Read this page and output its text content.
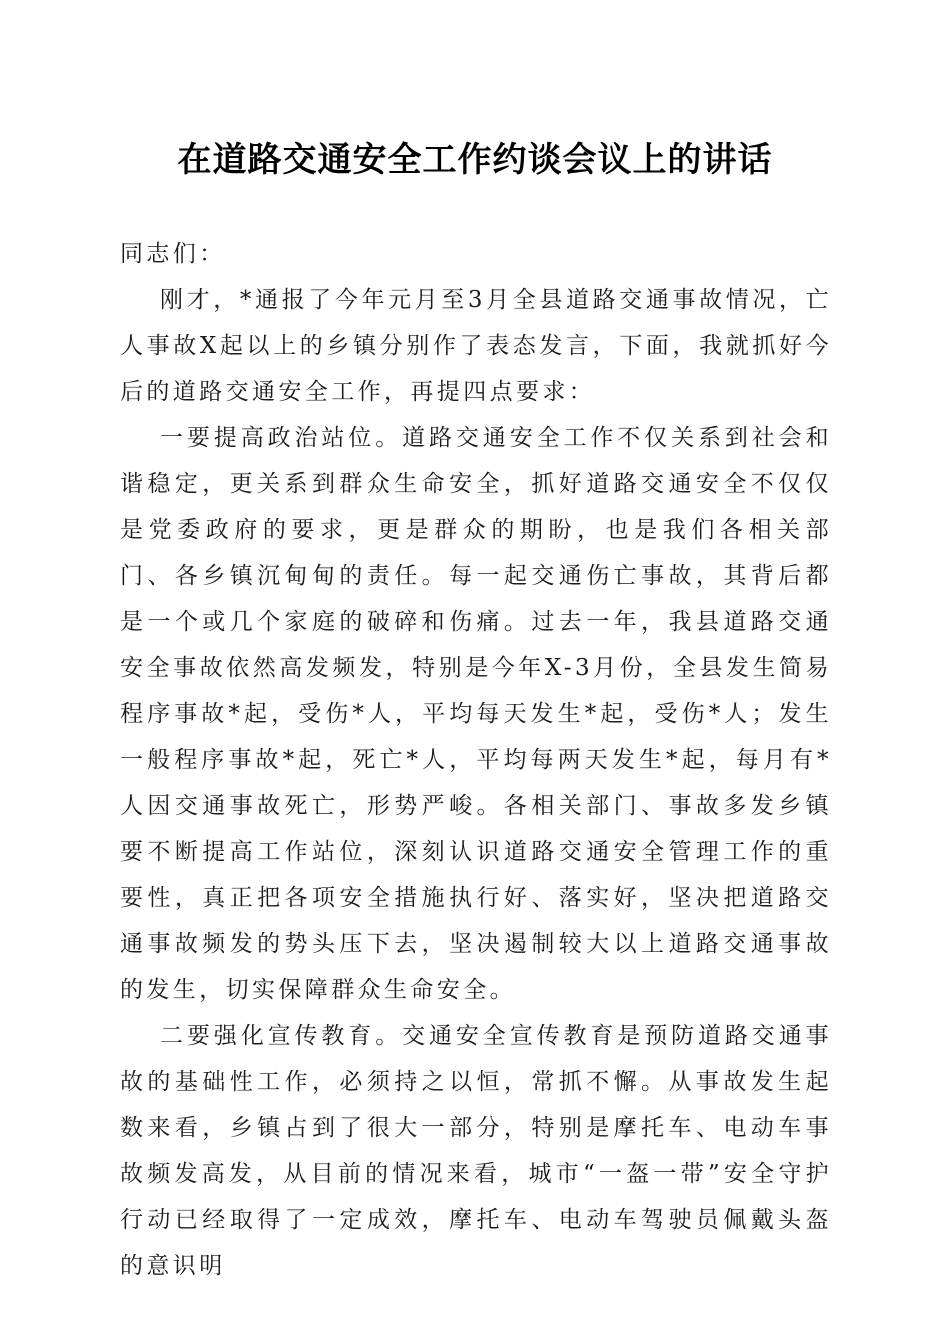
在道路交通安全工作约谈会议上的讲话

同志们：

刚才，*通报了今年元月至3月全县道路交通事故情况，亡人事故X起以上的乡镇分别作了表态发言，下面，我就抓好今后的道路交通安全工作，再提四点要求：

一要提高政治站位。道路交通安全工作不仅关系到社会和谐稳定，更关系到群众生命安全，抓好道路交通安全不仅仅是党委政府的要求，更是群众的期盼，也是我们各相关部门、各乡镇沉甸甸的责任。每一起交通伤亡事故，其背后都是一个或几个家庭的破碎和伤痛。过去一年，我县道路交通安全事故依然高发频发，特别是今年X-3月份，全县发生简易程序事故*起，受伤*人，平均每天发生*起，受伤*人；发生一般程序事故*起，死亡*人，平均每两天发生*起，每月有*人因交通事故死亡，形势严峻。各相关部门、事故多发乡镇要不断提高工作站位，深刻认识道路交通安全管理工作的重要性，真正把各项安全措施执行好、落实好，坚决把道路交通事故频发的势头压下去，坚决遏制较大以上道路交通事故的发生，切实保障群众生命安全。

二要强化宣传教育。交通安全宣传教育是预防道路交通事故的基础性工作，必须持之以恒，常抓不懈。从事故发生起数来看，乡镇占到了很大一部分，特别是摩托车、电动车事故频发高发，从目前的情况来看，城市“一盔一带”安全守护行动已经取得了一定成效，摩托车、电动车驾驶员佩戴头盔的意识明
